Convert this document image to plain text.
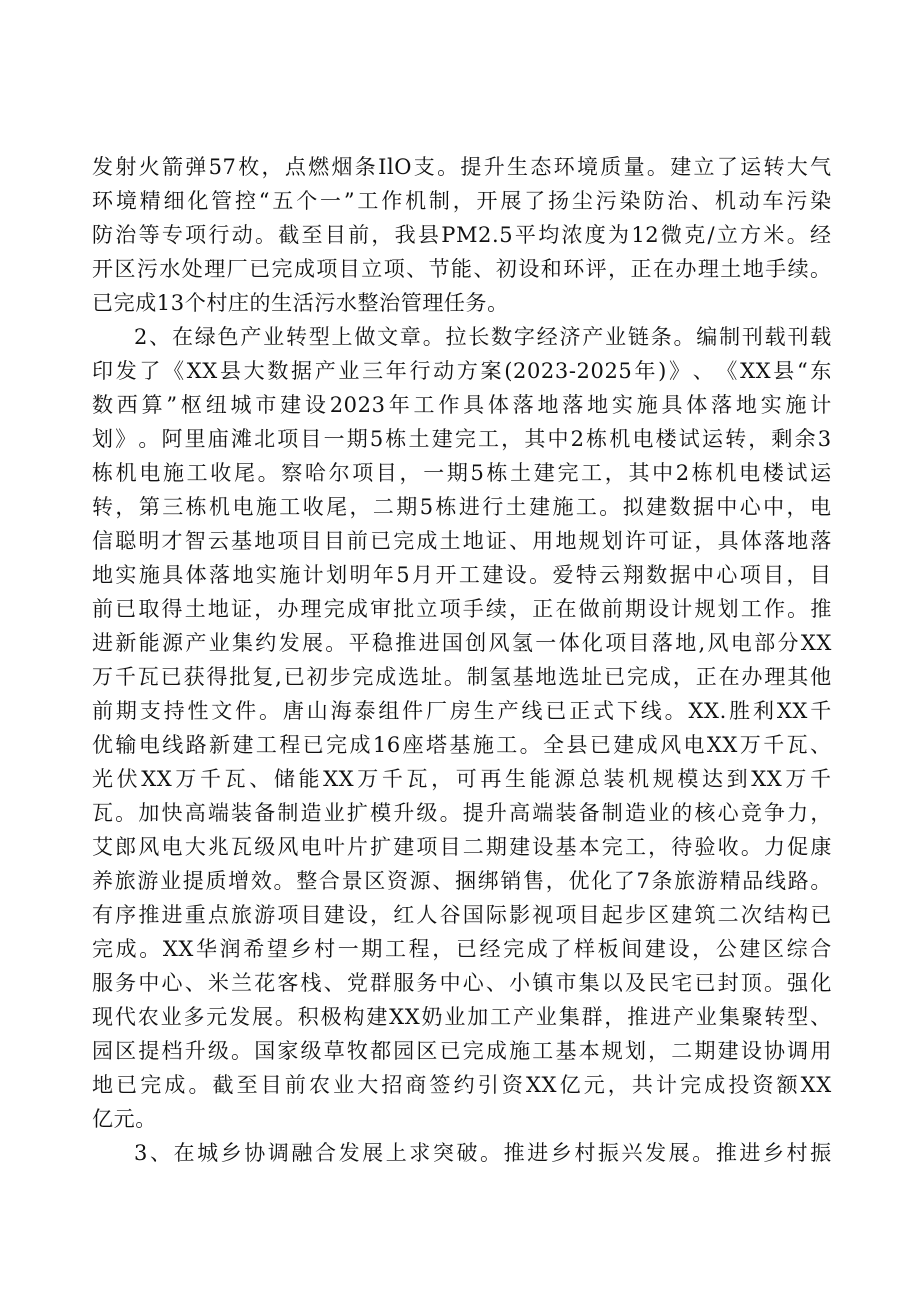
发 射 火 箭 弹 57 枚 ， 点 燃 烟 条 IlO 支 。 提 升 生 态 环 境 质 量 。 建 立 了 运 转 大 气
环 境 精 细 化 管 控 “ 五 个 一 ” 工 作 机 制 ， 开 展 了 扬 尘 污 染 防 治 、 机 动 车 污 染
防 治 等 专 项 行 动 。 截 至 目 前 ， 我 县 PM2.5 平 均 浓 度 为 12 微 克 / 立 方 米 。 经
开 区 污 水 处 理 厂 已 完 成 项 目 立 项 、 节 能 、 初 设 和 环 评 ， 正 在 办 理 土 地 手 续 。
已完成13个村庄的生活污水整治管理任务。
2 、 在 绿 色 产 业 转 型 上 做 文 章 。 拉 长 数 字 经 济 产 业 链 条 。 编 制 刊 载 刊 载
印 发 了 《 XX 县 大 数 据 产 业 三 年 行 动 方 案 (2023-2025 年 ) 》 、 《 XX 县 “ 东
数 西 算 ” 枢 纽 城 市 建 设 2023 年 工 作 具 体 落 地 落 地 实 施 具 体 落 地 实 施 计
划 》 。 阿 里 庙 滩 北 项 目 一 期 5 栋 土 建 完 工 ， 其 中 2 栋 机 电 楼 试 运 转 ， 剩 余 3
栋 机 电 施 工 收 尾 。 察 哈 尔 项 目 ， 一 期 5 栋 土 建 完 工 ， 其 中 2 栋 机 电 楼 试 运
转 ， 第 三 栋 机 电 施 工 收 尾 ， 二 期 5 栋 进 行 土 建 施 工 。 拟 建 数 据 中 心 中 ， 电
信 聪 明 才 智 云 基 地 项 目 目 前 已 完 成 土 地 证 、 用 地 规 划 许 可 证 ， 具 体 落 地 落
地 实 施 具 体 落 地 实 施 计 划 明 年 5 月 开 工 建 设 。 爱 特 云 翔 数 据 中 心 项 目 ， 目
前 已 取 得 土 地 证 ， 办 理 完 成 审 批 立 项 手 续 ， 正 在 做 前 期 设 计 规 划 工 作 。 推
进 新 能 源 产 业 集 约 发 展 。 平 稳 推 进 国 创 风 氢 一 体 化 项 目 落 地 , 风 电 部 分 XX
万 千 瓦 已 获 得 批 复 , 已 初 步 完 成 选 址 。 制 氢 基 地 选 址 已 完 成 ， 正 在 办 理 其 他
前 期 支 持 性 文 件 。 唐 山 海 泰 组 件 厂 房 生 产 线 已 正 式 下 线 。 XX. 胜 利 XX 千
优 输 电 线 路 新 建 工 程 已 完 成 16 座 塔 基 施 工 。 全 县 已 建 成 风 电 XX 万 千 瓦 、
光 伏 XX 万 千 瓦 、 储 能 XX 万 千 瓦 ， 可 再 生 能 源 总 装 机 规 模 达 到 XX 万 千
瓦 。 加 快 高 端 装 备 制 造 业 扩 模 升 级 。 提 升 高 端 装 备 制 造 业 的 核 心 竞 争 力 ，
艾 郎 风 电 大 兆 瓦 级 风 电 叶 片 扩 建 项 目 二 期 建 设 基 本 完 工 ， 待 验 收 。 力 促 康
养 旅 游 业 提 质 增 效 。 整 合 景 区 资 源 、 捆 绑 销 售 ， 优 化 了 7 条 旅 游 精 品 线 路 。
有 序 推 进 重 点 旅 游 项 目 建 设 ， 红 人 谷 国 际 影 视 项 目 起 步 区 建 筑 二 次 结 构 已
完 成 。 XX 华 润 希 望 乡 村 一 期 工 程 ， 已 经 完 成 了 样 板 间 建 设 ， 公 建 区 综 合
服 务 中 心 、 米 兰 花 客 栈 、 党 群 服 务 中 心 、 小 镇 市 集 以 及 民 宅 已 封 顶 。 强 化
现 代 农 业 多 元 发 展 。 积 极 构 建 XX 奶 业 加 工 产 业 集 群 ， 推 进 产 业 集 聚 转 型 、
园 区 提 档 升 级 。 国 家 级 草 牧 都 园 区 已 完 成 施 工 基 本 规 划 ， 二 期 建 设 协 调 用
地 已 完 成 。 截 至 目 前 农 业 大 招 商 签 约 引 资 XX 亿 元 ， 共 计 完 成 投 资 额 XX
亿元。
3 、 在 城 乡 协 调 融 合 发 展 上 求 突 破 。 推 进 乡 村 振 兴 发 展 。 推 进 乡 村 振
